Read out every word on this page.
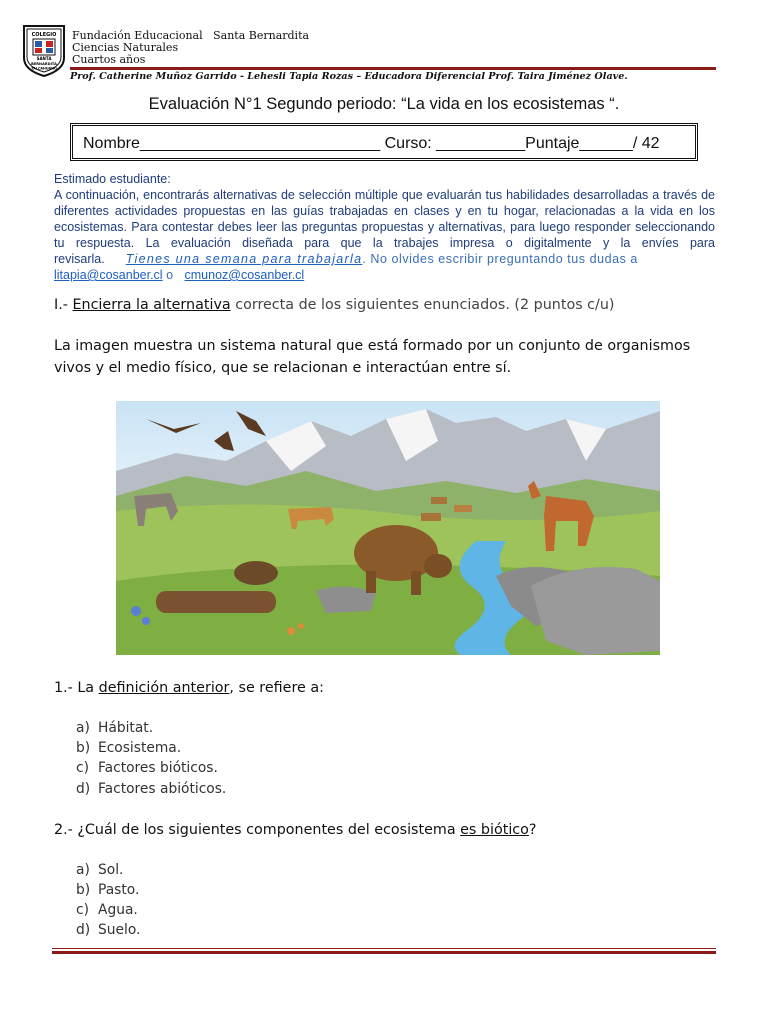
COLEGIO
SANTA
BERNARDITA
TALCAHUANO
Fundación Educacional   Santa Bernardita
Ciencias Naturales
Cuartos años
Prof. Catherine Muñoz Garrido - Lehesli Tapia Rozas – Educadora Diferencial Prof. Taira Jiménez Olave.
Evaluación N°1 Segundo periodo: “La vida en los ecosistemas “.
Nombre___________________________ Curso: __________Puntaje______/ 42

Estimado estudiante:

A continuación, encontrarás alternativas de selección múltiple que evaluarán tus habilidades desarrolladas a través de diferentes actividades propuestas en las guías trabajadas en clases y en tu hogar, relacionadas a la vida en los ecosistemas. Para contestar debes leer las preguntas propuestas y alternativas, para luego responder seleccionando tu respuesta. La evaluación diseñada para que la trabajes impresa o digitalmente y la envíes para

revisarla. Tienes una semana para trabajarla. No olvides escribir preguntando tus dudas a

litapia@cosanber.cl o cmunoz@cosanber.cl

I.- Encierra la alternativa correcta de los siguientes enunciados. (2 puntos c/u)
La imagen muestra un sistema natural que está formado por un conjunto de organismos
vivos y el medio físico, que se relacionan e interactúan entre sí.
1.- La definición anterior, se refiere a:
a) Hábitat.
b) Ecosistema.
c) Factores bióticos.
d) Factores abióticos.
2.- ¿Cuál de los siguientes componentes del ecosistema es biótico?
a) Sol.
b) Pasto.
c) Agua.
d) Suelo.
